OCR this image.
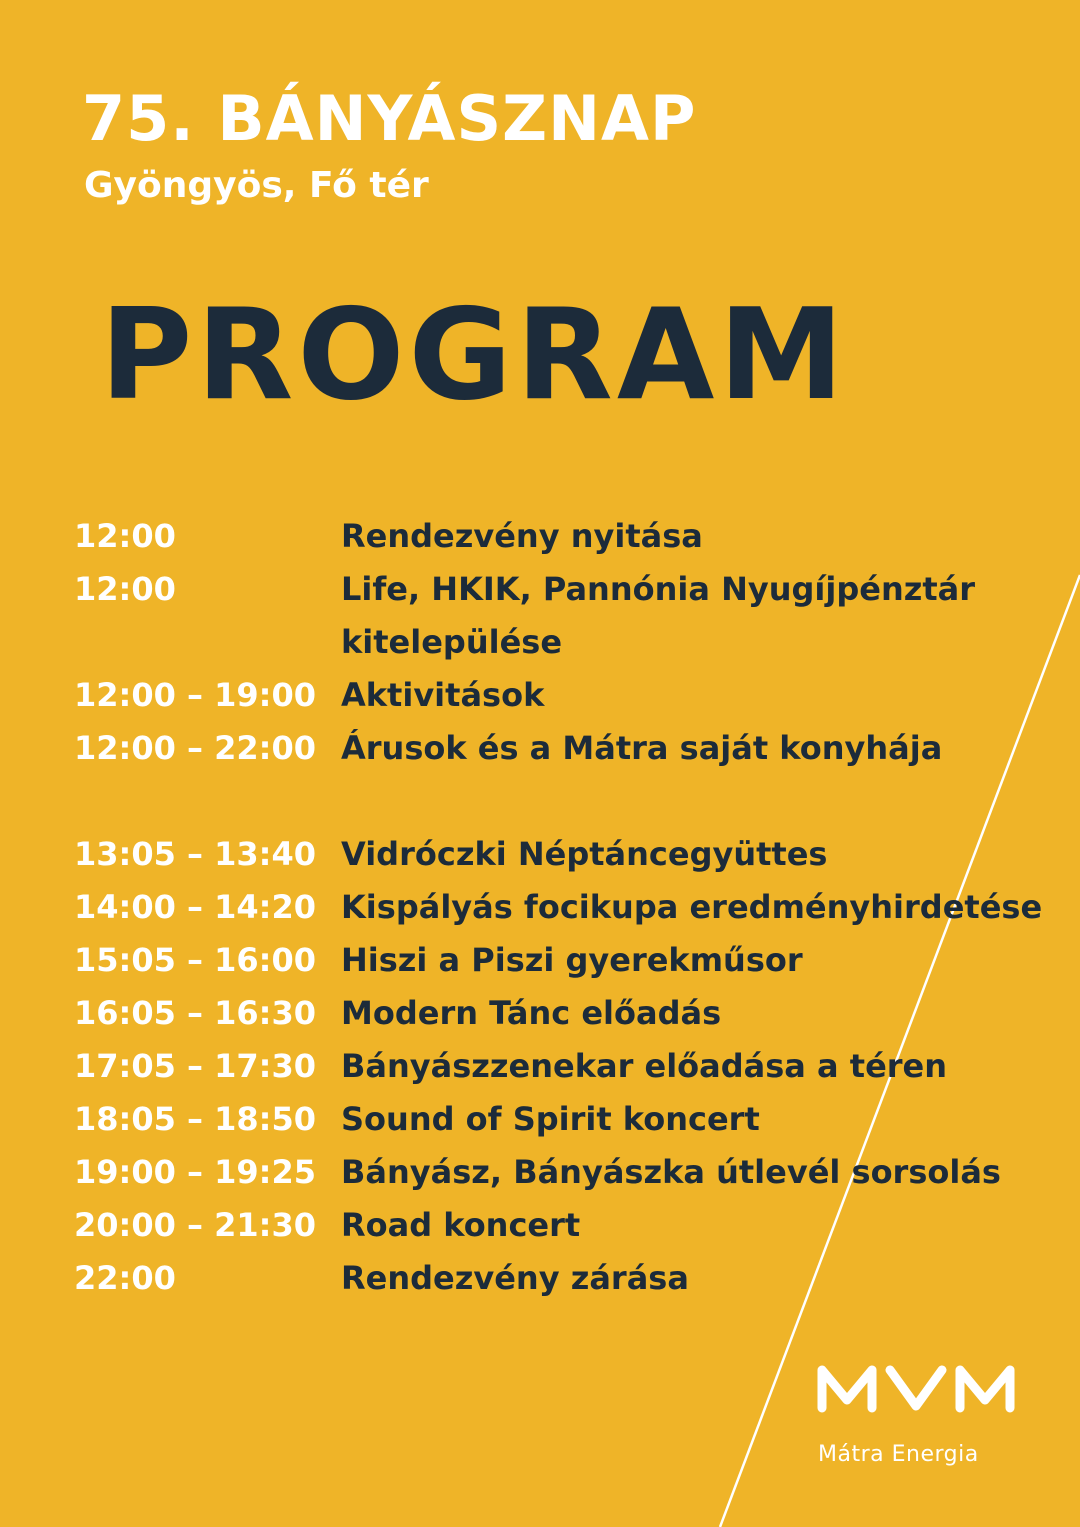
75. BÁNYÁSZNAP
Gyöngyös, Fő tér
PROGRAM
12:00	Rendezvény nyitása
12:00	Life, HKIK, Pannónia Nyugíjpénztár
kitelepülése
12:00 – 19:00 Aktivitások
12:00 – 22:00 Árusok és a Mátra saját konyhája
13:05 – 13:40 Vidróczki Néptáncegyüttes
14:00 – 14:20 Kispályás focikupa eredményhirdetése
15:05 – 16:00 Hiszi a Piszi gyerekműsor
16:05 – 16:30 Modern Tánc előadás
17:05 – 17:30 Bányászzenekar előadása a téren
18:05 – 18:50 Sound of Spirit koncert
19:00 – 19:25 Bányász, Bányászka útlevél sorsolás
20:00 – 21:30 Road koncert
22:00	Rendezvény zárása
Mátra Energia
